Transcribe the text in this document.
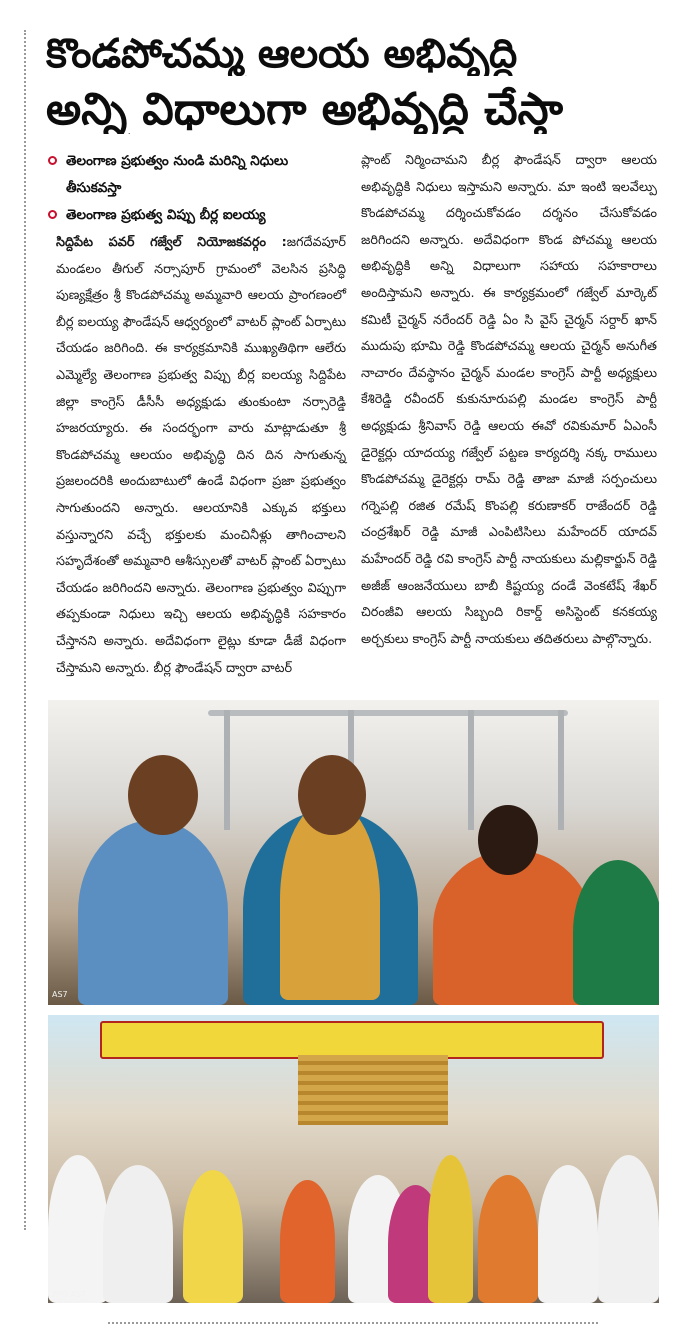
కొండపోచమ్మ ఆలయ అభివృద్ధి
అన్ని విధాలుగా అభివృద్ధి చేస్తా
తెలంగాణ ప్రభుత్వం నుండి మరిన్ని నిధులు తీసుకవస్తా
తెలంగాణ ప్రభుత్వ విప్పు బీర్ల ఐలయ్య
సిద్దిపేట పవర్ గజ్వేల్ నియోజకవర్గం :జగదేవపూర్ మండలం తీగుల్ నర్సాపూర్ గ్రామంలో వెలసిన ప్రసిద్ధి పుణ్యక్షేత్రం శ్రీ కొండపోచమ్మ అమ్మవారి ఆలయ ప్రాంగణంలో బీర్ల ఐలయ్య ఫౌండేషన్ ఆధ్వర్యంలో వాటర్ ప్లాంట్ ఏర్పాటు చేయడం జరిగింది. ఈ కార్యక్రమానికి ముఖ్యతిథిగా ఆలేరు ఎమ్మెల్యే తెలంగాణ ప్రభుత్వ విప్పు బీర్ల ఐలయ్య సిద్దిపేట జిల్లా కాంగ్రెస్ డీసీసీ అధ్యక్షుడు తుంకుంటా నర్సారెడ్డి హజరయ్యారు. ఈ సందర్భంగా వారు మాట్లాడుతూ శ్రీ కొండపోచమ్మ ఆలయం అభివృద్ధి దిన దిన సాగుతున్న ప్రజలందరికి అందుబాటులో ఉండే విధంగా ప్రజా ప్రభుత్వం సాగుతుందని అన్నారు. ఆలయానికి ఎక్కువ భక్తులు వస్తున్నారని వచ్చే భక్తులకు మంచినీళ్లు తాగించాలని సహృదేశంతో అమ్మవారి ఆశీస్సులతో వాటర్ ప్లాంట్ ఏర్పాటు చేయడం జరిగిందని అన్నారు. తెలంగాణ ప్రభుత్వం విప్పుగా తప్పకుండా నిధులు ఇచ్చి ఆలయ అభివృద్ధికి సహకారం చేస్తానని అన్నారు. అదేవిధంగా లైట్లు కూడా డీజే విధంగా చేస్తామని అన్నారు. బీర్ల ఫౌండేషన్ ద్వారా వాటర్
ప్లాంట్ నిర్మించామని బీర్ల ఫౌండేషన్ ద్వారా ఆలయ అభివృద్ధికి నిధులు ఇస్తామని అన్నారు. మా ఇంటి ఇలవేల్పు కొండపోచమ్మ దర్శించుకోవడం దర్శనం చేసుకోవడం జరిగిందని అన్నారు. అదేవిధంగా కొండ పోచమ్మ ఆలయ అభివృద్ధికి అన్ని విధాలుగా సహాయ సహకారాలు అందిస్తామని అన్నారు. ఈ కార్యక్రమంలో గజ్వేల్ మార్కెట్ కమిటీ చైర్మన్ నరేందర్ రెడ్డి ఏం సి వైస్ చైర్మన్ సర్దార్ ఖాన్ ముదుపు భూమి రెడ్డి కొండపోచమ్మ ఆలయ చైర్మన్ అనుగీత నాచారం దేవస్థానం చైర్మన్ మండల కాంగ్రెస్ పార్టీ అధ్యక్షులు కేశిరెడ్డి రవీందర్ కుకునూరుపల్లి మండల కాంగ్రెస్ పార్టీ అధ్యక్షుడు శ్రీనివాస్ రెడ్డి ఆలయ ఈవో రవికుమార్ ఏఎంసీ డైరెక్టర్లు యాదయ్య గజ్వేల్ పట్టణ కార్యదర్శి నక్క రాములు కొండపోచమ్మ డైరెక్టర్లు రామ్ రెడ్డి తాజా మాజీ సర్పంచులు గర్నెపల్లి రజిత రమేష్ కొంపల్లి కరుణాకర్ రాజేందర్ రెడ్డి చంద్రశేఖర్ రెడ్డి మాజీ ఎంపిటిసిలు మహేందర్ యాదవ్ మహేందర్ రెడ్డి రవి కాంగ్రెస్ పార్టీ నాయకులు మల్లికార్జున్ రెడ్డి అజీజ్ ఆంజనేయులు బాబీ కిష్టయ్య దండే వెంకటేష్ శేఖర్ చిరంజీవి ఆలయ సిబ్బంది రికార్డ్ అసిస్టెంట్ కనకయ్య అర్చకులు కాంగ్రెస్ పార్టీ నాయకులు తదితరులు పాల్గొన్నారు.
AS7
PPO AS7
